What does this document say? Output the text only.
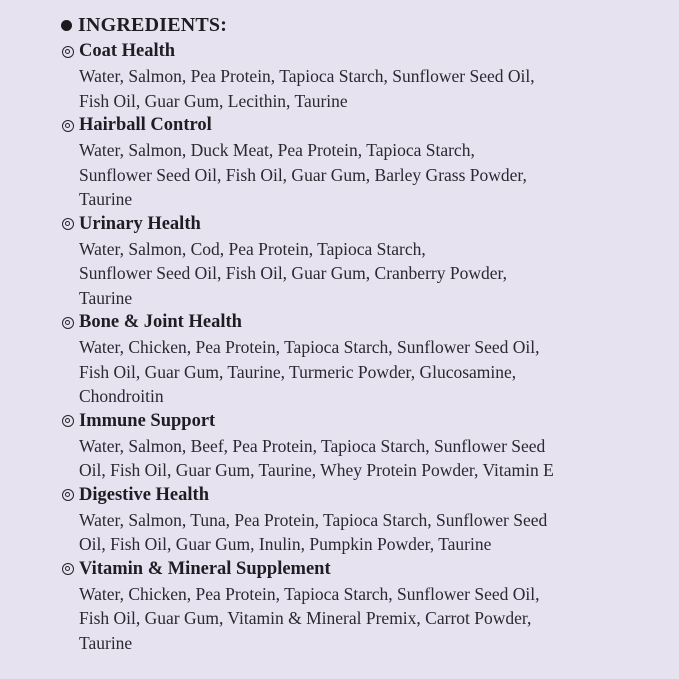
INGREDIENTS:
Coat Health
Water, Salmon, Pea Protein, Tapioca Starch, Sunflower Seed Oil,
Fish Oil, Guar Gum, Lecithin, Taurine
Hairball Control
Water, Salmon, Duck Meat, Pea Protein, Tapioca Starch,
Sunflower Seed Oil, Fish Oil, Guar Gum, Barley Grass Powder,
Taurine
Urinary Health
Water, Salmon, Cod, Pea Protein, Tapioca Starch,
Sunflower Seed Oil, Fish Oil, Guar Gum, Cranberry Powder,
Taurine
Bone & Joint Health
Water, Chicken, Pea Protein, Tapioca Starch, Sunflower Seed Oil,
Fish Oil, Guar Gum, Taurine, Turmeric Powder, Glucosamine,
Chondroitin
Immune Support
Water, Salmon, Beef, Pea Protein, Tapioca Starch, Sunflower Seed
Oil, Fish Oil, Guar Gum, Taurine, Whey Protein Powder, Vitamin E
Digestive Health
Water, Salmon, Tuna, Pea Protein, Tapioca Starch, Sunflower Seed
Oil, Fish Oil, Guar Gum, Inulin, Pumpkin Powder, Taurine
Vitamin & Mineral Supplement
Water, Chicken, Pea Protein, Tapioca Starch, Sunflower Seed Oil,
Fish Oil, Guar Gum, Vitamin & Mineral Premix, Carrot Powder,
Taurine
